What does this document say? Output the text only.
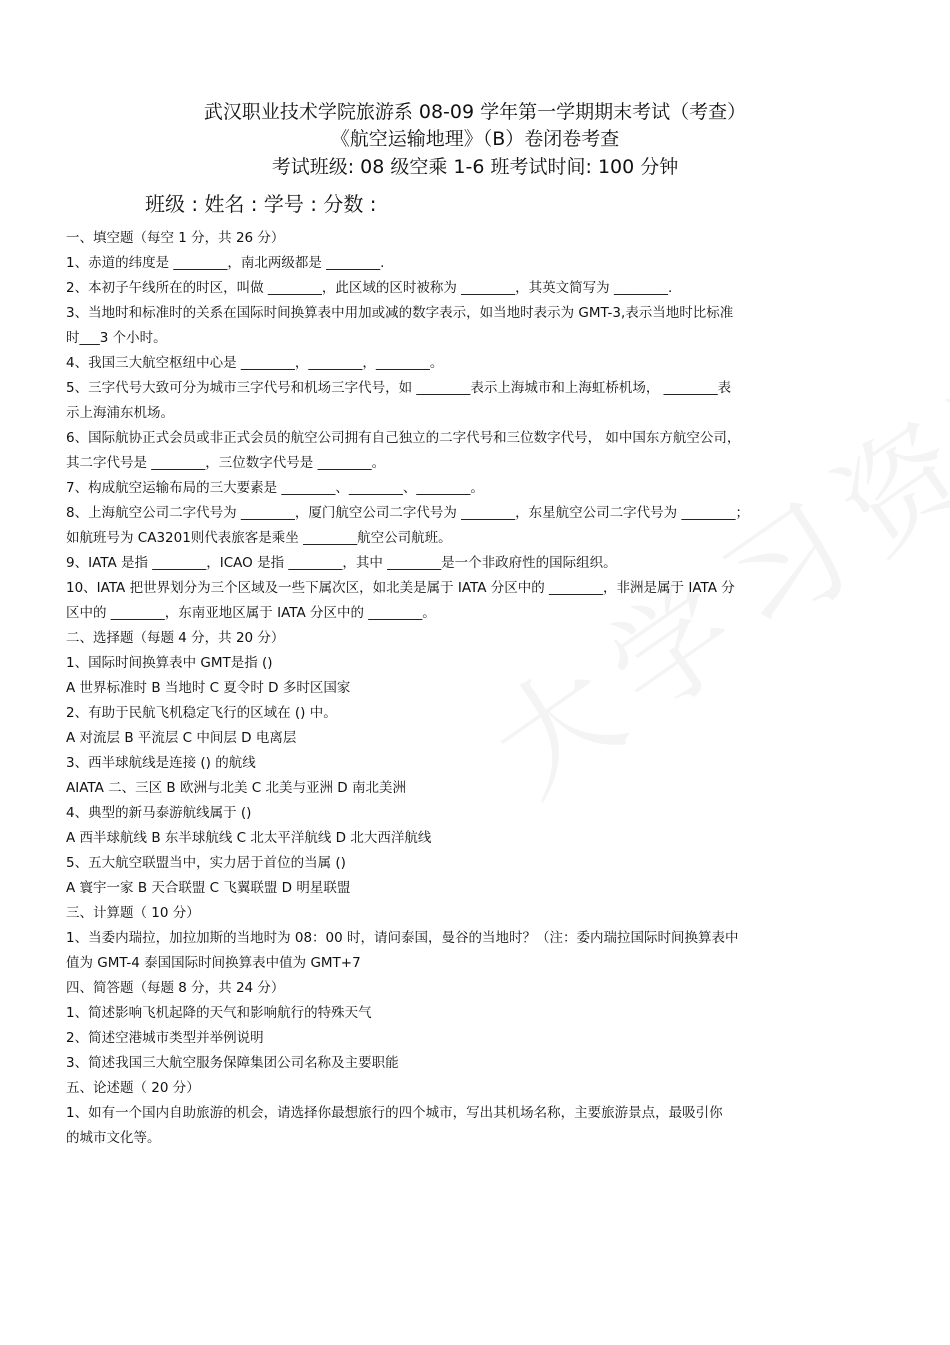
武汉职业技术学院旅游系 08-09 学年第一学期期末考试（考查）
《航空运输地理》（B）卷闭卷考查
考试班级: 08 级空乘 1-6 班考试时间: 100 分钟
班级 : 姓名 : 学号 : 分数 :
一、填空题（每空 1 分，共 26 分）
1、赤道的纬度是 ________，南北两级都是 ________.
2、本初子午线所在的时区，叫做 ________，此区域的区时被称为 ________，其英文简写为 ________.
3、当地时和标准时的关系在国际时间换算表中用加或减的数字表示，如当地时表示为 GMT-3,表示当地时比标准
时___3 个小时。
4、我国三大航空枢纽中心是 ________，________，________。
5、三字代号大致可分为城市三字代号和机场三字代号，如 ________表示上海城市和上海虹桥机场， ________表
示上海浦东机场。
6、国际航协正式会员或非正式会员的航空公司拥有自己独立的二字代号和三位数字代号， 如中国东方航空公司，
其二字代号是 ________，三位数字代号是 ________。
7、构成航空运输布局的三大要素是 ________、________、________。
8、上海航空公司二字代号为 ________，厦门航空公司二字代号为 ________，东星航空公司二字代号为 ________；
如航班号为 CA3201则代表旅客是乘坐 ________航空公司航班。
9、IATA 是指 ________，ICAO 是指 ________，其中 ________是一个非政府性的国际组织。
10、IATA 把世界划分为三个区域及一些下属次区，如北美是属于 IATA 分区中的 ________，非洲是属于 IATA 分
区中的 ________，东南亚地区属于 IATA 分区中的 ________。
二、选择题（每题 4 分，共 20 分）
1、国际时间换算表中 GMT是指 ()
A 世界标准时 B 当地时 C 夏令时 D 多时区国家
2、有助于民航飞机稳定飞行的区域在 () 中。
A 对流层 B 平流层 C 中间层 D 电离层
3、西半球航线是连接 () 的航线
AIATA 二、三区 B 欧洲与北美 C 北美与亚洲 D 南北美洲
4、典型的新马泰游航线属于 ()
A 西半球航线 B 东半球航线 C 北太平洋航线 D 北大西洋航线
5、五大航空联盟当中，实力居于首位的当属 ()
A 寰宇一家 B 天合联盟 C 飞翼联盟 D 明星联盟
三、计算题（ 10 分）
1、当委内瑞拉，加拉加斯的当地时为 08：00 时，请问泰国，曼谷的当地时？（注：委内瑞拉国际时间换算表中
值为 GMT-4 泰国国际时间换算表中值为 GMT+7
四、简答题（每题 8 分，共 24 分）
1、简述影响飞机起降的天气和影响航行的特殊天气
2、简述空港城市类型并举例说明
3、简述我国三大航空服务保障集团公司名称及主要职能
五、论述题（ 20 分）
1、如有一个国内自助旅游的机会，请选择你最想旅行的四个城市，写出其机场名称，主要旅游景点，最吸引你
的城市文化等。
